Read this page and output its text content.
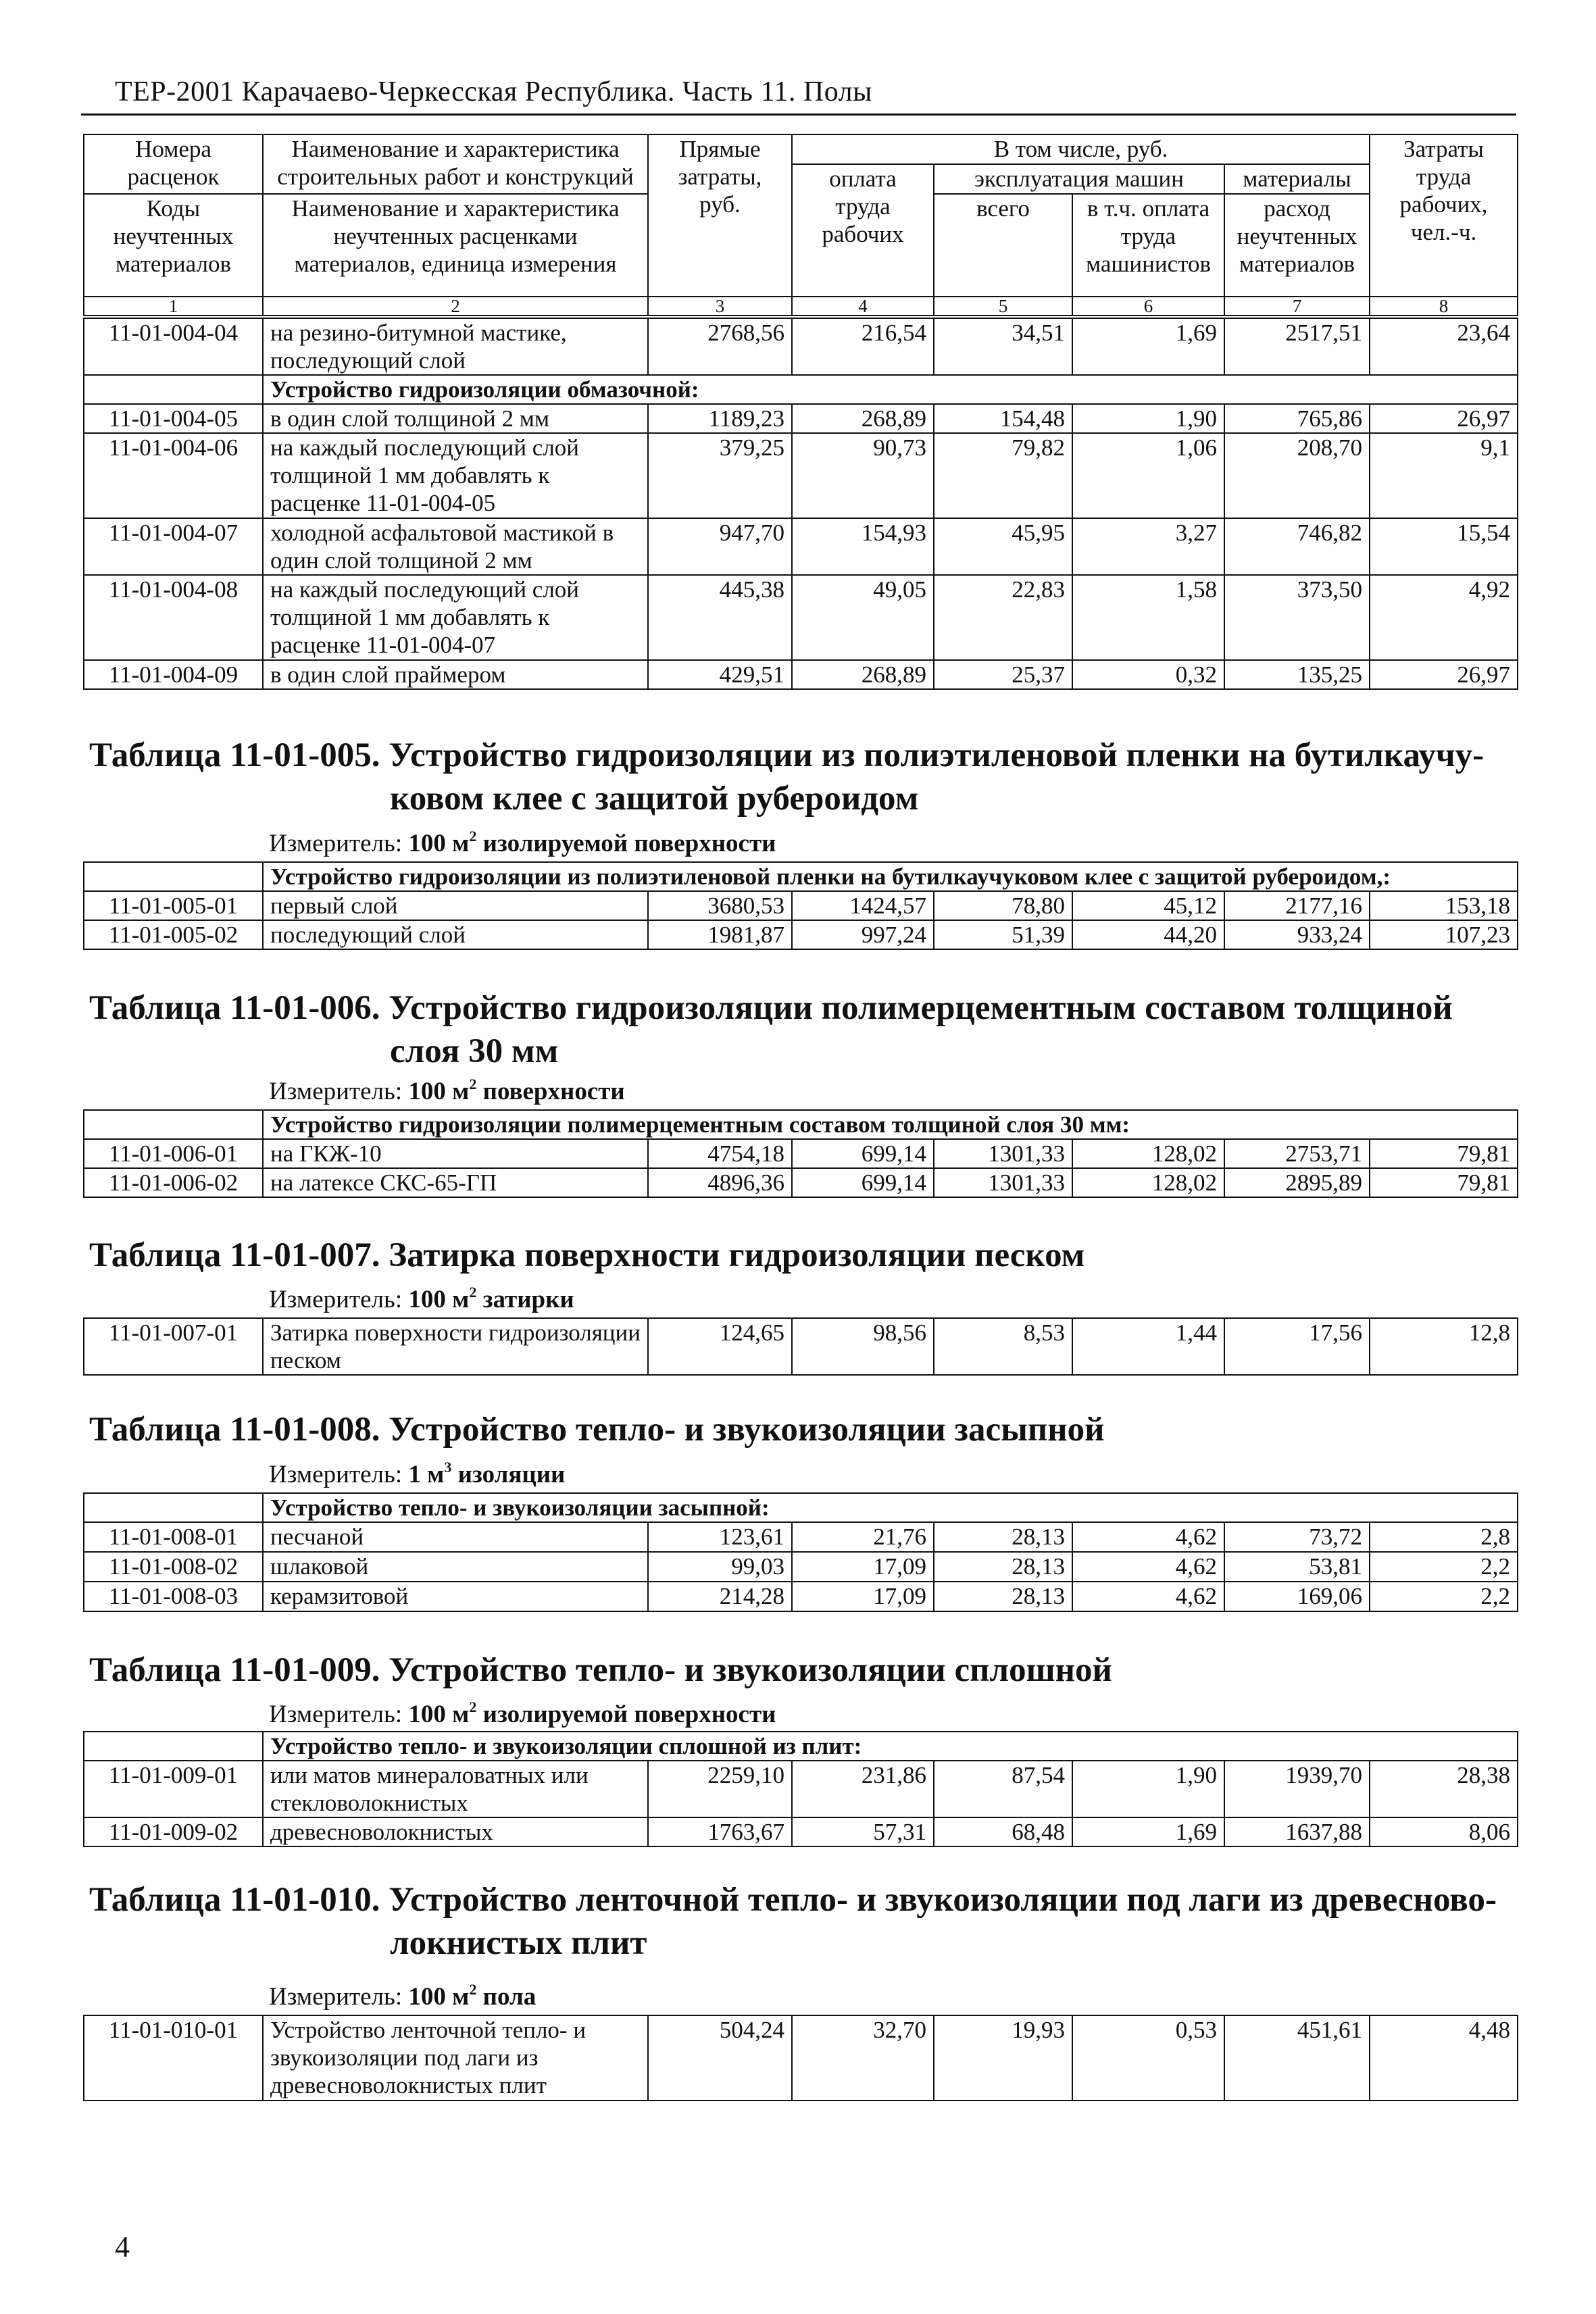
ТЕР-2001 Карачаево-Черкесская Республика. Часть 11. Полы
Номера расценок	Наименование и характеристика строительных работ и конструкций	Прямые затраты, руб.	В том числе, руб.				Затраты труда рабочих, чел.-ч.
			оплата труда рабочих	эксплуатация машин		материалы	
Коды неучтенных материалов	Наименование и характеристика неучтенных расценками материалов, единица измерения			всего	в т.ч. оплата труда машинистов	расход неучтенных материалов	

1	2	3	4	5	6	7	8
11-01-004-04	на резино-битумной мастике, последующий слой	2768,56	216,54	34,51	1,69	2517,51	23,64
	Устройство гидроизоляции обмазочной:						
11-01-004-05	в один слой толщиной 2 мм	1189,23	268,89	154,48	1,90	765,86	26,97
11-01-004-06	на каждый последующий слой толщиной 1 мм добавлять к расценке 11-01-004-05	379,25	90,73	79,82	1,06	208,70	9,1
11-01-004-07	холодной асфальтовой мастикой в один слой толщиной 2 мм	947,70	154,93	45,95	3,27	746,82	15,54
11-01-004-08	на каждый последующий слой толщиной 1 мм добавлять к расценке 11-01-004-07	445,38	49,05	22,83	1,58	373,50	4,92
11-01-004-09	в один слой праймером	429,51	268,89	25,37	0,32	135,25	26,97
Таблица 11-01-005. Устройство гидроизоляции из полиэтиленовой пленки на бутилкаучу-
ковом клее с защитой рубероидом
Измеритель: 100 $м^2$ изолируемой поверхности
	Устройство гидроизоляции из полиэтиленовой пленки на бутилкаучуковом клее с защитой рубероидом,:						
11-01-005-01	первый слой	3680,53	1424,57	78,80	45,12	2177,16	153,18
11-01-005-02	последующий слой	1981,87	997,24	51,39	44,20	933,24	107,23
Таблица 11-01-006. Устройство гидроизоляции полимерцементным составом толщиной
слоя 30 мм
Измеритель: 100 $м^2$ поверхности
	Устройство гидроизоляции полимерцементным составом толщиной слоя 30 мм:						
11-01-006-01	на ГКЖ-10	4754,18	699,14	1301,33	128,02	2753,71	79,81
11-01-006-02	на латексе СКС-65-ГП	4896,36	699,14	1301,33	128,02	2895,89	79,81
Таблица 11-01-007. Затирка поверхности гидроизоляции песком
Измеритель: 100 $м^2$ затирки
11-01-007-01	Затирка поверхности гидроизоляции песком	124,65	98,56	8,53	1,44	17,56	12,8
Таблица 11-01-008. Устройство тепло- и звукоизоляции засыпной
Измеритель: 1 $м^3$ изоляции
	Устройство тепло- и звукоизоляции засыпной:						
11-01-008-01	песчаной	123,61	21,76	28,13	4,62	73,72	2,8
11-01-008-02	шлаковой	99,03	17,09	28,13	4,62	53,81	2,2
11-01-008-03	керамзитовой	214,28	17,09	28,13	4,62	169,06	2,2
Таблица 11-01-009. Устройство тепло- и звукоизоляции сплошной
Измеритель: 100 $м^2$ изолируемой поверхности
	Устройство тепло- и звукоизоляции сплошной из плит:						
11-01-009-01	или матов минераловатных или стекловолокнистых	2259,10	231,86	87,54	1,90	1939,70	28,38
11-01-009-02	древесноволокнистых	1763,67	57,31	68,48	1,69	1637,88	8,06
Таблица 11-01-010. Устройство ленточной тепло- и звукоизоляции под лаги из древесново-
локнистых плит
Измеритель: 100 $м^2$ пола
11-01-010-01	Устройство ленточной тепло- и звукоизоляции под лаги из древесноволокнистых плит	504,24	32,70	19,93	0,53	451,61	4,48
4
